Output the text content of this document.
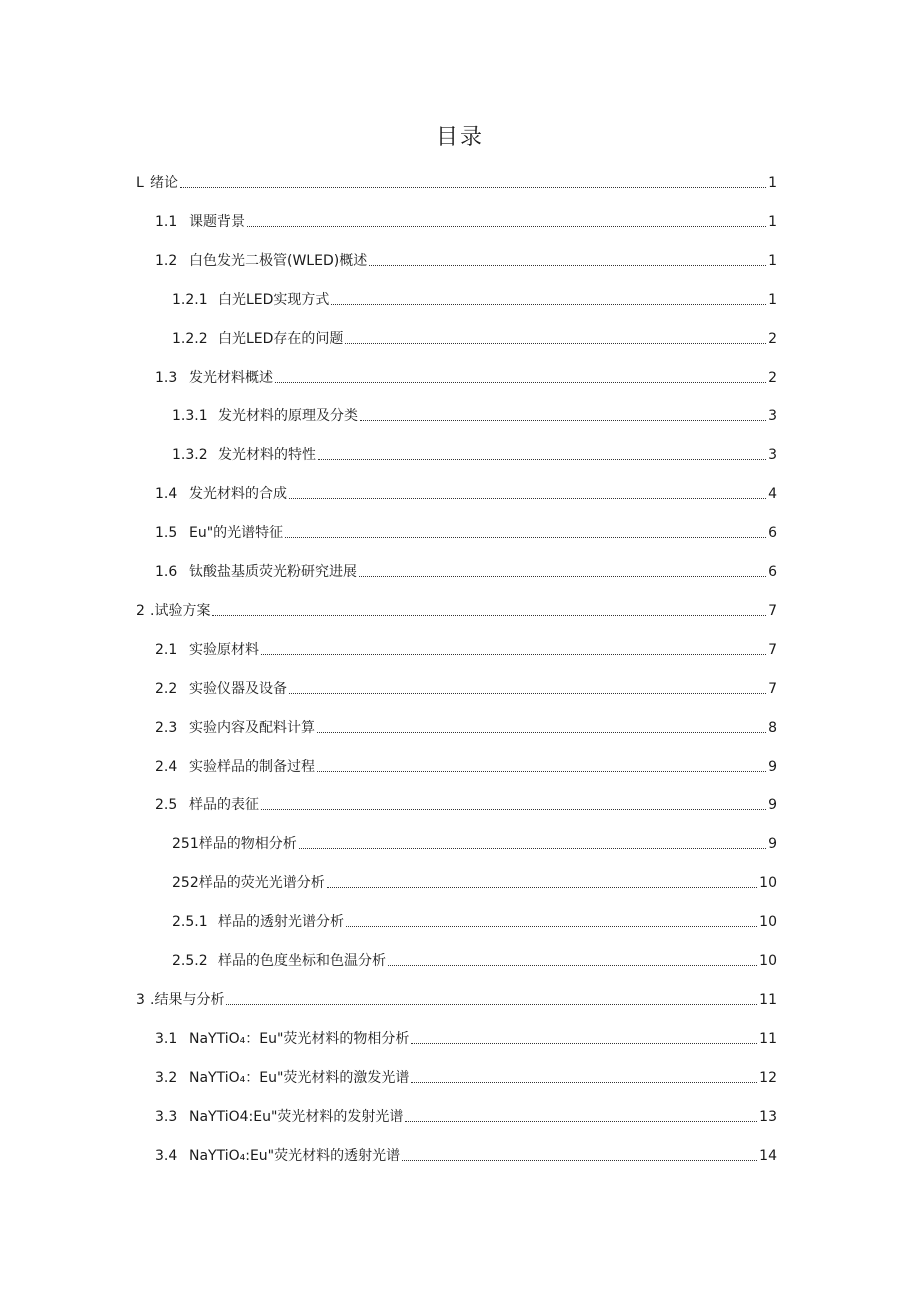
目录
L 绪论	1
1.1 课题背景	1
1.2 白色发光二极管(WLED)概述	1
1.2.1 白光LED实现方式	1
1.2.2 白光LED存在的问题	2
1.3 发光材料概述	2
1.3.1 发光材料的原理及分类	3
1.3.2 发光材料的特性	3
1.4 发光材料的合成	4
1.5 Eu"的光谱特征	6
1.6 钛酸盐基质荧光粉研究进展	6
2 .试验方案	7
2.1 实验原材料	7
2.2 实验仪器及设备	7
2.3 实验内容及配料计算	8
2.4 实验样品的制备过程	9
2.5 样品的表征	9
251样品的物相分析	9
252样品的荧光光谱分析	10
2.5.1 样品的透射光谱分析	10
2.5.2 样品的色度坐标和色温分析	10
3 .结果与分析	11
3.1 NaYTiO₄：Eu"荧光材料的物相分析	11
3.2 NaYTiO₄：Eu"荧光材料的激发光谱	12
3.3 NaYTiO4:Eu"荧光材料的发射光谱	13
3.4 NaYTiO₄:Eu"荧光材料的透射光谱	14
